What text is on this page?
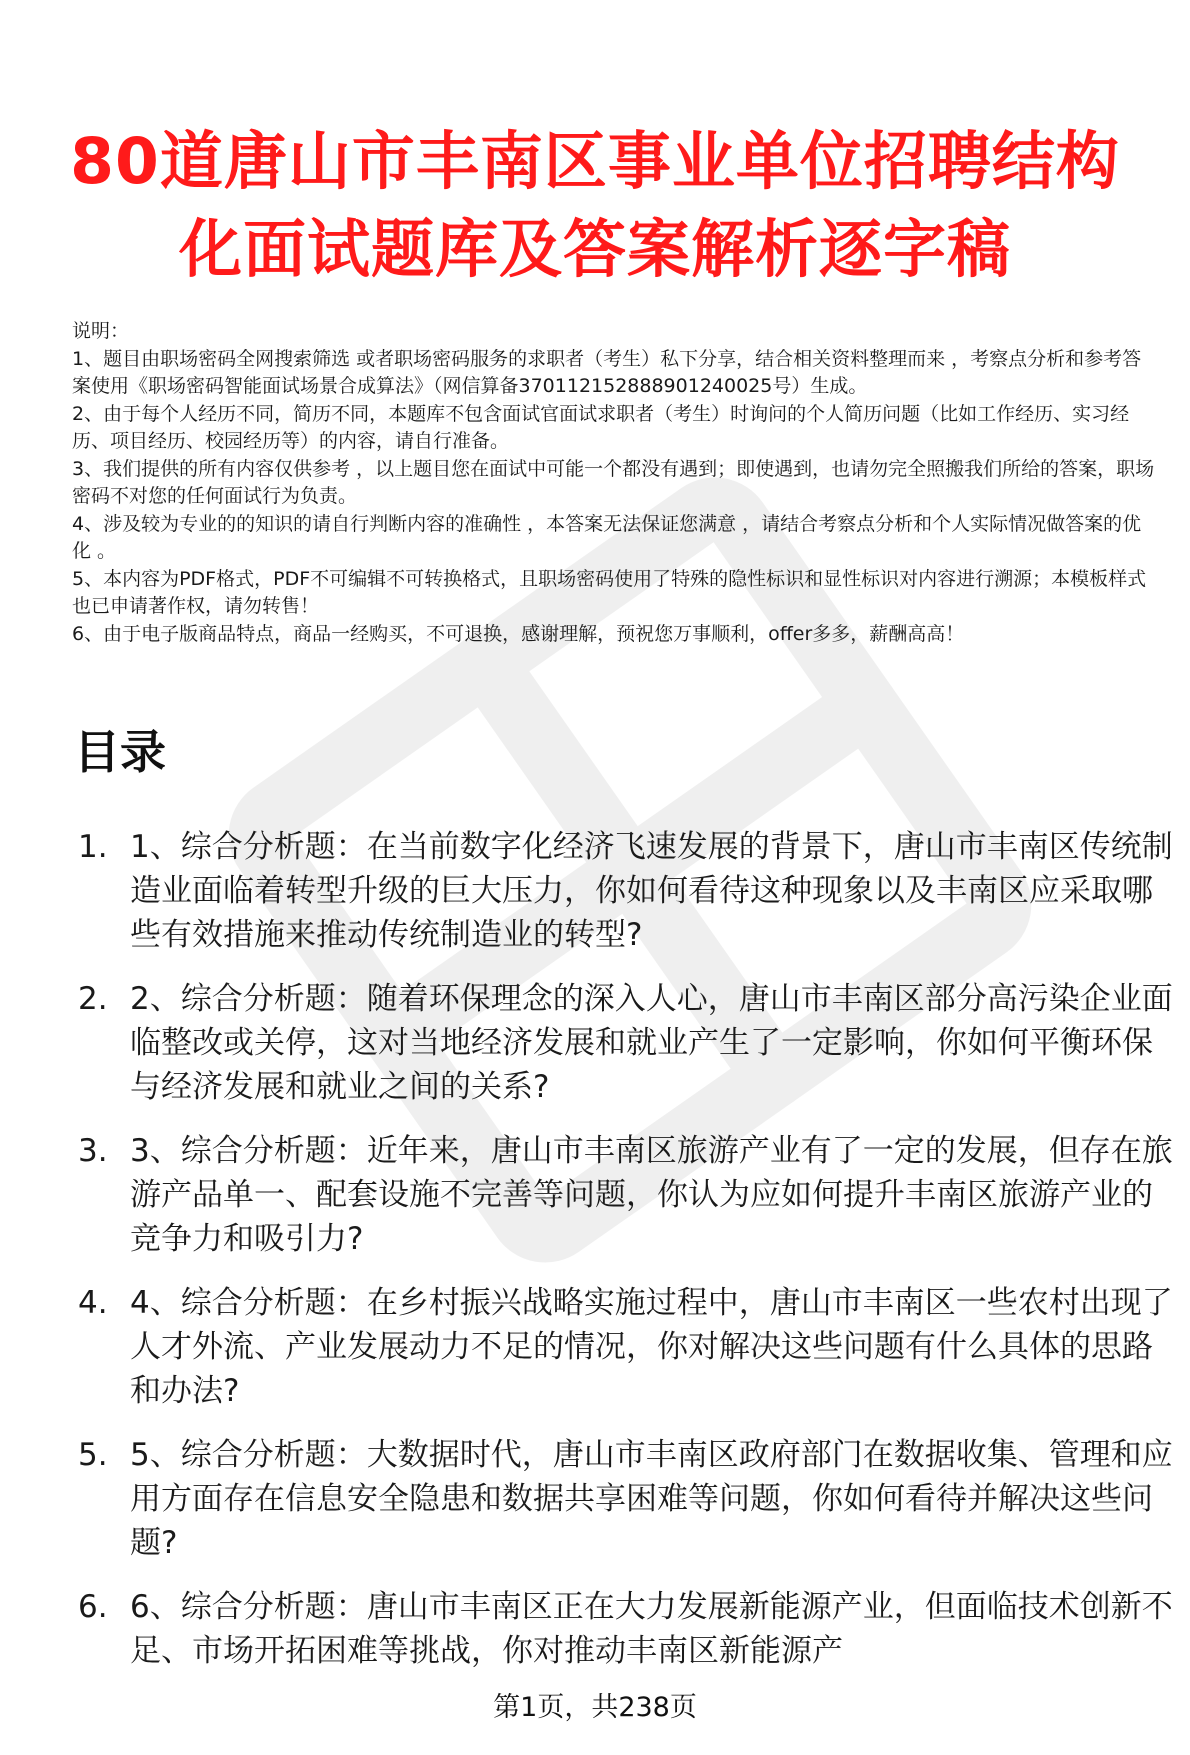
80道唐山市丰南区事业单位招聘结构化面试题库及答案解析逐字稿

说明：

1、题目由职场密码全网搜索筛选 或者职场密码服务的求职者（考生）私下分享，结合相关资料整理而来 ，考察点分析和参考答案使用《职场密码智能面试场景合成算法》（网信算备370112152888901240025号）生成。

2、由于每个人经历不同，简历不同，本题库不包含面试官面试求职者（考生）时询问的个人简历问题（比如工作经历、实习经历、项目经历、校园经历等）的内容，请自行准备。

3、我们提供的所有内容仅供参考 ，以上题目您在面试中可能一个都没有遇到；即使遇到，也请勿完全照搬我们所给的答案，职场密码不对您的任何面试行为负责。

4、涉及较为专业的的知识的请自行判断内容的准确性 ，本答案无法保证您满意 ，请结合考察点分析和个人实际情况做答案的优化 。

5、本内容为PDF格式，PDF不可编辑不可转换格式，且职场密码使用了特殊的隐性标识和显性标识对内容进行溯源；本模板样式也已申请著作权，请勿转售！

6、由于电子版商品特点，商品一经购买，不可退换，感谢理解，预祝您万事顺利，offer多多，薪酬高高！

目录
1. 1、综合分析题：在当前数字化经济飞速发展的背景下，唐山市丰南区传统制造业面临着转型升级的巨大压力，你如何看待这种现象以及丰南区应采取哪些有效措施来推动传统制造业的转型?
2. 2、综合分析题：随着环保理念的深入人心，唐山市丰南区部分高污染企业面临整改或关停，这对当地经济发展和就业产生了一定影响，你如何平衡环保与经济发展和就业之间的关系?
3. 3、综合分析题：近年来，唐山市丰南区旅游产业有了一定的发展，但存在旅游产品单一、配套设施不完善等问题，你认为应如何提升丰南区旅游产业的竞争力和吸引力?
4. 4、综合分析题：在乡村振兴战略实施过程中，唐山市丰南区一些农村出现了人才外流、产业发展动力不足的情况，你对解决这些问题有什么具体的思路和办法?
5. 5、综合分析题：大数据时代，唐山市丰南区政府部门在数据收集、管理和应用方面存在信息安全隐患和数据共享困难等问题，你如何看待并解决这些问题?
6. 6、综合分析题：唐山市丰南区正在大力发展新能源产业，但面临技术创新不足、市场开拓困难等挑战，你对推动丰南区新能源产
第1页，共238页
